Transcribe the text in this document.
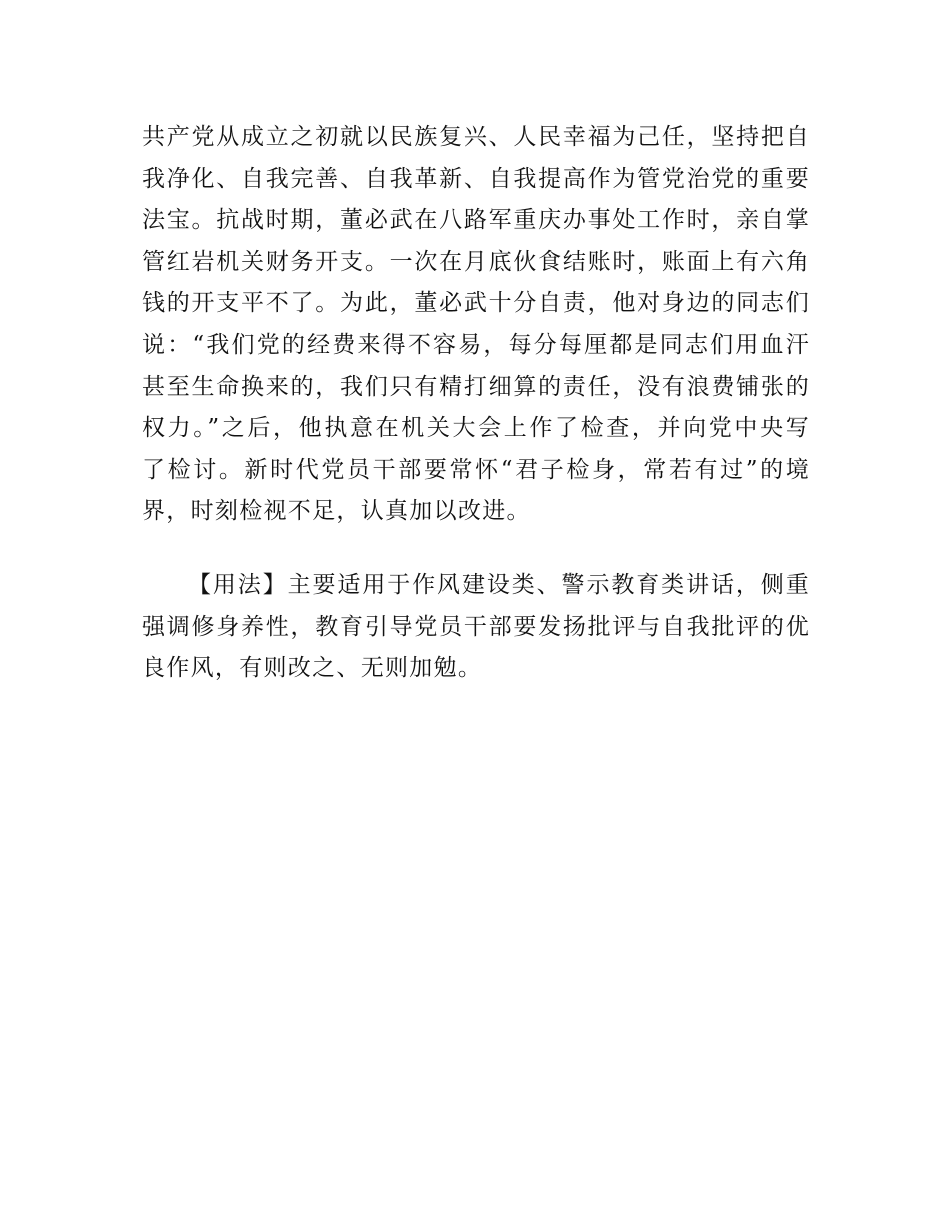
共产党从成立之初就以民族复兴、人民幸福为己任，坚持把自
我净化、自我完善、自我革新、自我提高作为管党治党的重要
法宝。抗战时期，董必武在八路军重庆办事处工作时，亲自掌
管红岩机关财务开支。一次在月底伙食结账时，账面上有六角
钱的开支平不了。为此，董必武十分自责，他对身边的同志们
说：“我们党的经费来得不容易，每分每厘都是同志们用血汗
甚至生命换来的，我们只有精打细算的责任，没有浪费铺张的
权力。”之后，他执意在机关大会上作了检查，并向党中央写
了检讨。新时代党员干部要常怀“君子检身，常若有过”的境
界，时刻检视不足，认真加以改进。
【用法】主要适用于作风建设类、警示教育类讲话，侧重
强调修身养性，教育引导党员干部要发扬批评与自我批评的优
良作风，有则改之、无则加勉。
